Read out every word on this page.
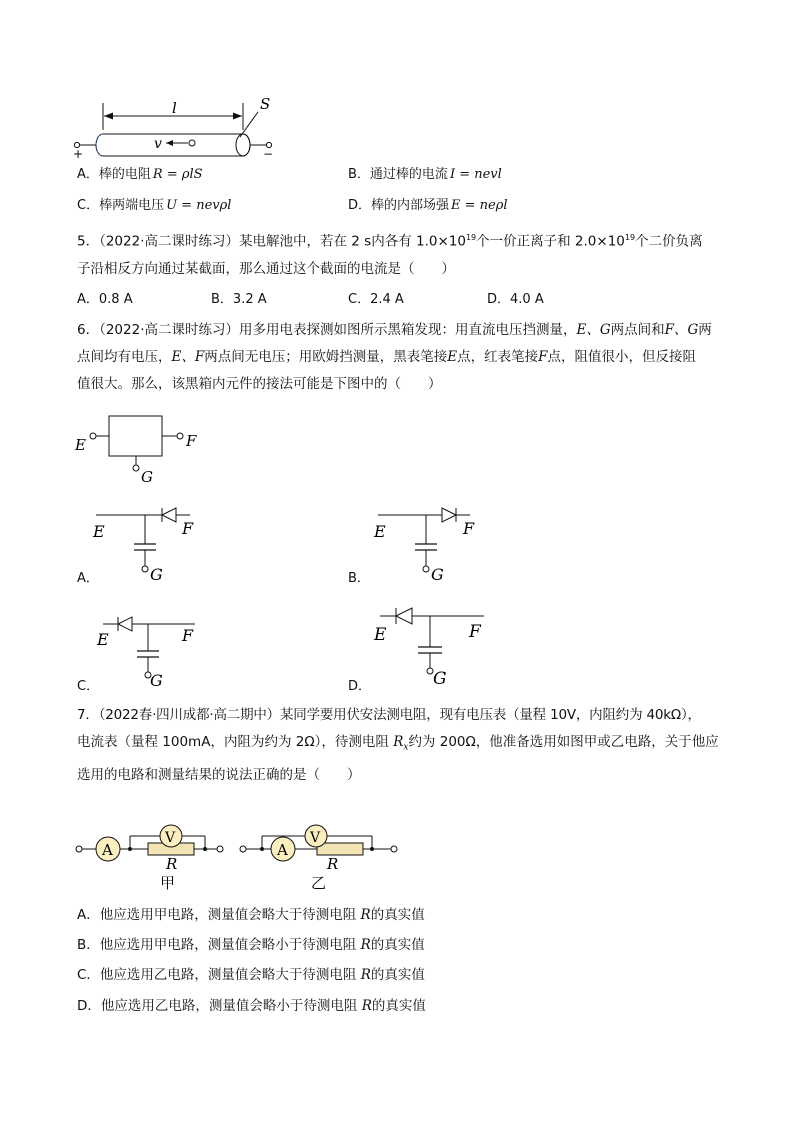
l	S
+	−
v
A．棒的电阻 R = ρlS	B．通过棒的电流 I = nevl
C．棒两端电压 U = nevρl	D．棒的内部场强 E = neρl
5．（2022·高二课时练习）某电解池中，若在 2 s内各有 $1.0\times 10^{19}$个一价正离子和 $2.0\times 10^{19}$个二价负离
子沿相反方向通过某截面，那么通过这个截面的电流是（　　）
A．0.8 A	B．3.2 A	C．2.4 A	D．4.0 A
6．（2022·高二课时练习）用多用电表探测如图所示黑箱发现：用直流电压挡测量，E、G两点间和F、G两
点间均有电压，E、F两点间无电压；用欧姆挡测量，黑表笔接E点，红表笔接F点，阻值很小，但反接阻
值很大。那么，该黑箱内元件的接法可能是下图中的（　　）
E	F
G
E	F
G
E	F
G
E	F
G
E	F
G
A．	B．
C．	D．
7．（2022春·四川成都·高二期中）某同学要用伏安法测电阻，现有电压表（量程 10V，内阻约为 40kΩ），
电流表（量程 100mA，内阻为约为 2Ω），待测电阻 $R_x$约为 200Ω，他准备选用如图甲或乙电路，关于他应
选用的电路和测量结果的说法正确的是（　　）
A
V
R
甲
A
V
R
乙
A．他应选用甲电路，测量值会略大于待测电阻 R的真实值
B．他应选用甲电路，测量值会略小于待测电阻 R的真实值
C．他应选用乙电路，测量值会略大于待测电阻 R的真实值
D．他应选用乙电路，测量值会略小于待测电阻 R的真实值
